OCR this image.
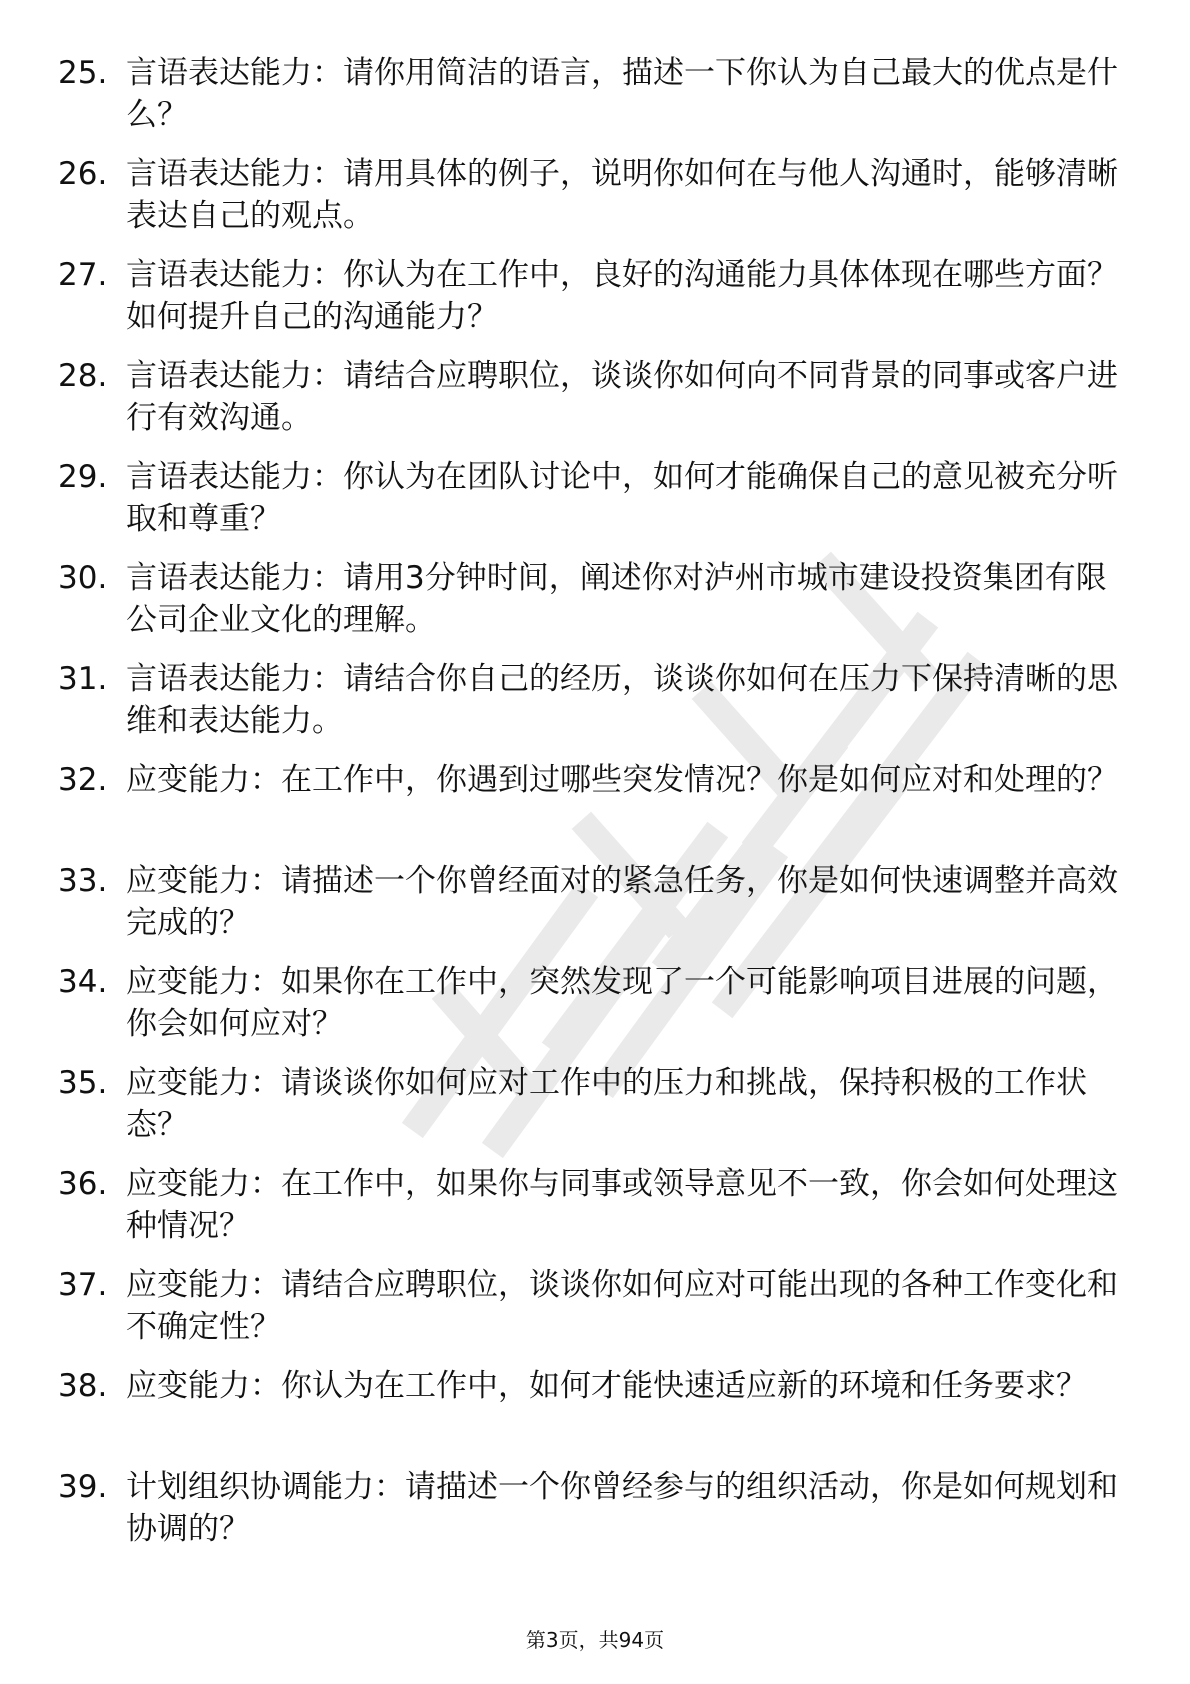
25. 言语表达能力：请你用简洁的语言，描述一下你认为自己最大的优点是什么？
26. 言语表达能力：请用具体的例子，说明你如何在与他人沟通时，能够清晰表达自己的观点。
27. 言语表达能力：你认为在工作中，良好的沟通能力具体体现在哪些方面？如何提升自己的沟通能力？
28. 言语表达能力：请结合应聘职位，谈谈你如何向不同背景的同事或客户进行有效沟通。
29. 言语表达能力：你认为在团队讨论中，如何才能确保自己的意见被充分听取和尊重？
30. 言语表达能力：请用3分钟时间，阐述你对泸州市城市建设投资集团有限公司企业文化的理解。
31. 言语表达能力：请结合你自己的经历，谈谈你如何在压力下保持清晰的思维和表达能力。
32. 应变能力：在工作中，你遇到过哪些突发情况？你是如何应对和处理的？
33. 应变能力：请描述一个你曾经面对的紧急任务，你是如何快速调整并高效完成的？
34. 应变能力：如果你在工作中，突然发现了一个可能影响项目进展的问题，你会如何应对？
35. 应变能力：请谈谈你如何应对工作中的压力和挑战，保持积极的工作状态？
36. 应变能力：在工作中，如果你与同事或领导意见不一致，你会如何处理这种情况？
37. 应变能力：请结合应聘职位，谈谈你如何应对可能出现的各种工作变化和不确定性？
38. 应变能力：你认为在工作中，如何才能快速适应新的环境和任务要求？
39. 计划组织协调能力：请描述一个你曾经参与的组织活动，你是如何规划和协调的？
第3页，共94页
